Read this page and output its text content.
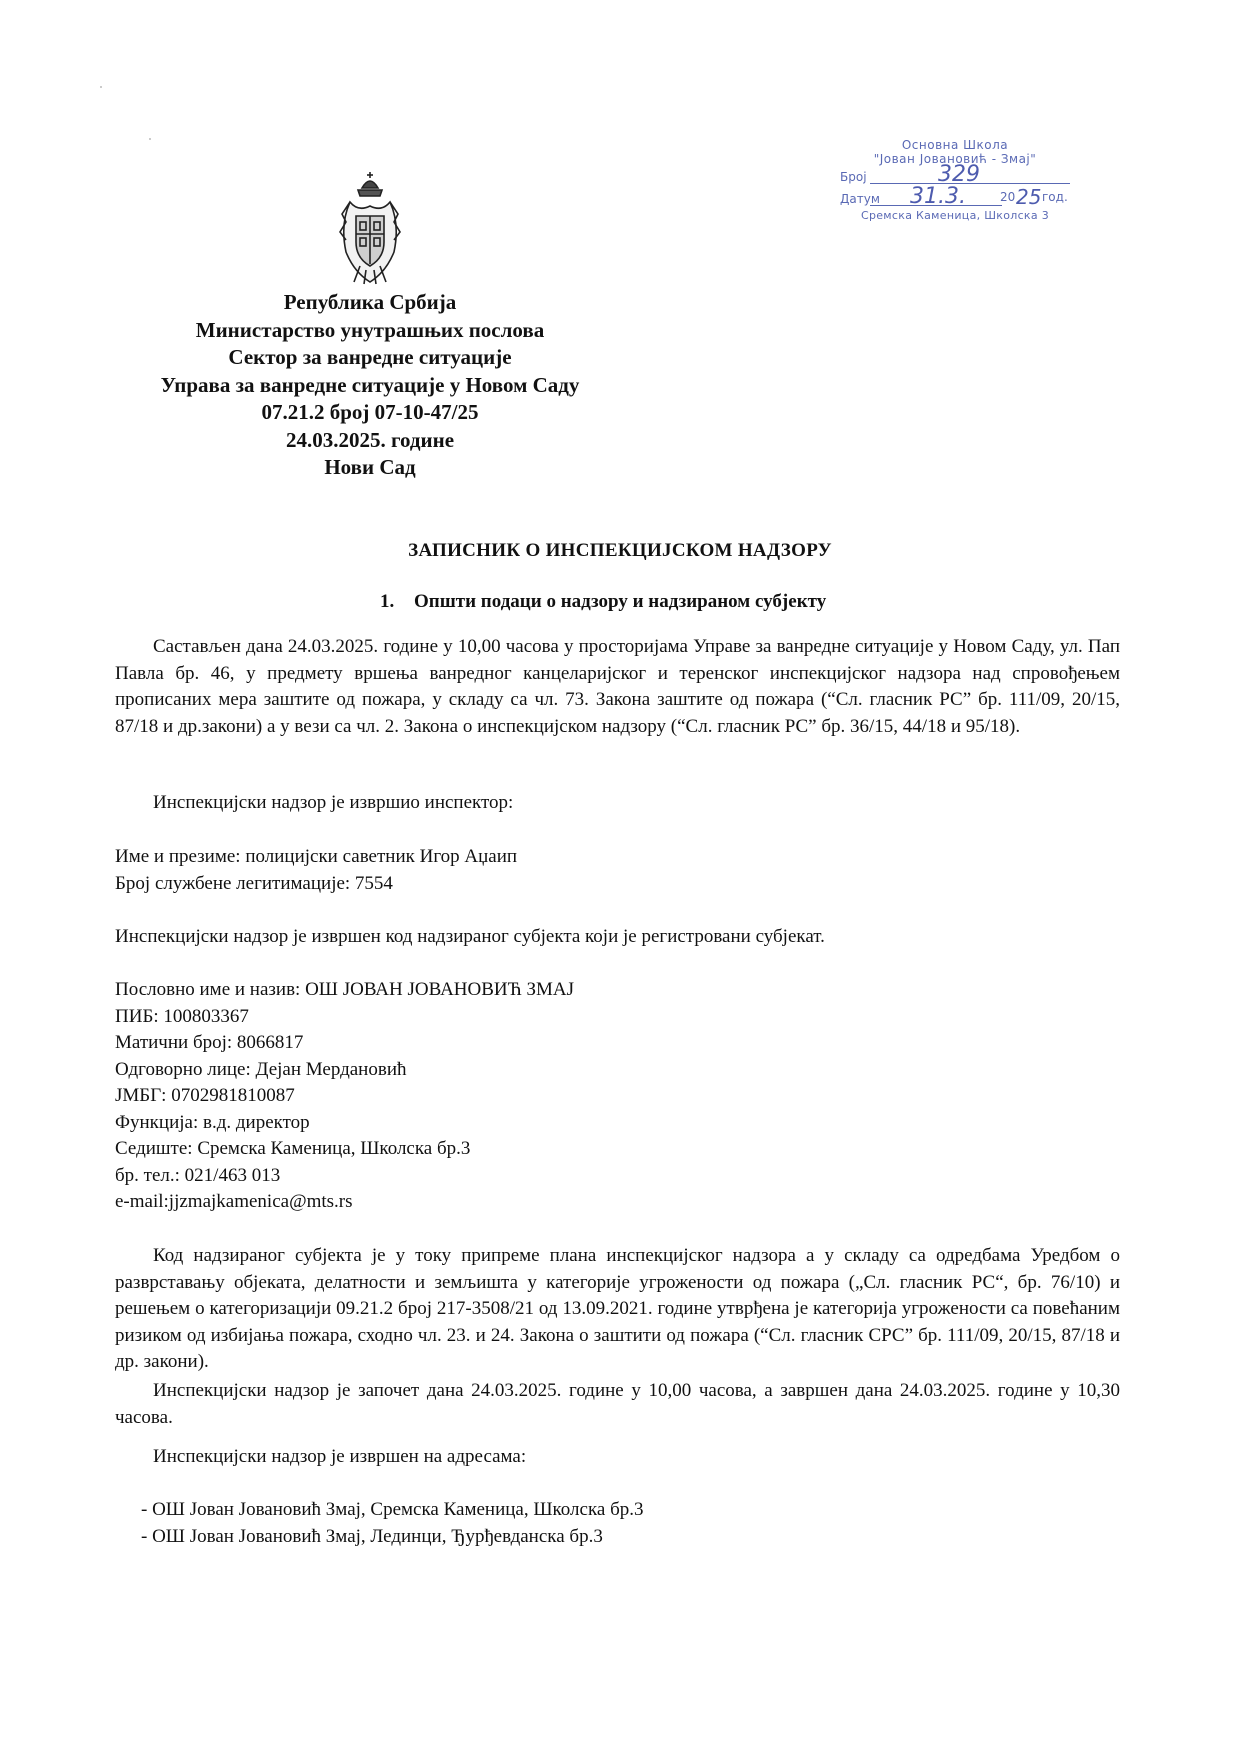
Основна Школа
"Јован Јовановић - Змај"
Број	329
Датум 31.3.	20 25 год.
Сремска Каменица, Школска 3
Република Србија
Министарство унутрашњих послова
Сектор за ванредне ситуације
Управа за ванредне ситуације у Новом Саду
07.21.2 број 07-10-47/25
24.03.2025. године
Нови Сад
ЗАПИСНИК О ИНСПЕКЦИЈСКОМ НАДЗОРУ
1. Општи подаци о надзору и надзираном субјекту
Састављен дана 24.03.2025. године у 10,00 часова у просторијама Управе за ванредне ситуације у Новом Саду, ул. Пап Павла бр. 46, у предмету вршења ванредног канцеларијског и теренског инспекцијског надзора над спровођењем прописаних мера заштите од пожара, у складу са чл. 73. Закона заштите од пожара (“Сл. гласник РС” бр. 111/09, 20/15, 87/18 и др.закони) а у вези са чл. 2. Закона о инспекцијском надзору (“Сл. гласник РС” бр. 36/15, 44/18 и 95/18).
Инспекцијски надзор је извршио инспектор:
Име и презиме: полицијски саветник Игор Аџаип
Број службене легитимације: 7554
Инспекцијски надзор је извршен код надзираног субјекта који је регистровани субјекат.
Пословно име и назив: ОШ ЈОВАН ЈОВАНОВИЋ ЗМАЈ
ПИБ: 100803367
Матични број: 8066817
Одговорно лице: Дејан Мердановић
ЈМБГ: 0702981810087
Функција: в.д. директор
Седиште: Сремска Каменица, Школска бр.3
бр. тел.: 021/463 013
e-mail:jjzmajkamenica@mts.rs
Код надзираног субјекта је у току припреме плана инспекцијског надзора а у складу са одредбама Уредбом о разврставању објеката, делатности и земљишта у категорије угрожености од пожара („Сл. гласник РС“, бр. 76/10) и решењем о категоризацији 09.21.2 број 217-3508/21 од 13.09.2021. године утврђена је категорија угрожености са повећаним ризиком од избијања пожара, сходно чл. 23. и 24. Закона о заштити од пожара (“Сл. гласник СРС” бр. 111/09, 20/15, 87/18 и др. закони).
Инспекцијски надзор је започет дана 24.03.2025. године у 10,00 часова, а завршен дана 24.03.2025. године у 10,30 часова.
Инспекцијски надзор је извршен на адресама:
- ОШ Јован Јовановић Змај, Сремска Каменица, Школска бр.3
- ОШ Јован Јовановић Змај, Лединци, Ђурђевданска бр.3
